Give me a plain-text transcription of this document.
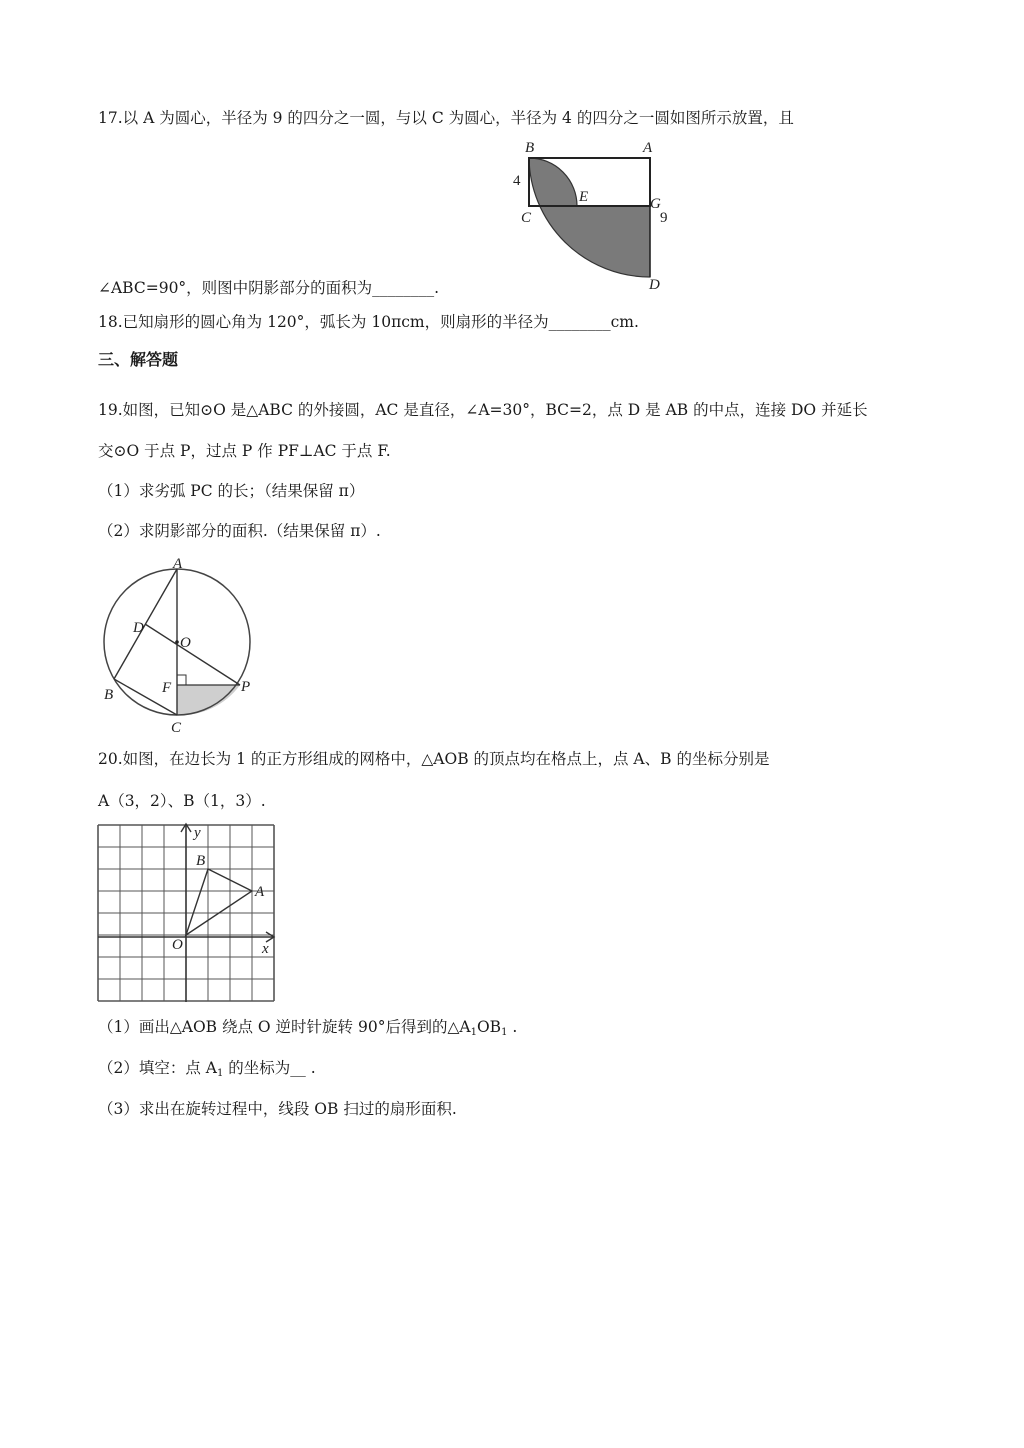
17.以 A 为圆心，半径为 9 的四分之一圆，与以 C 为圆心，半径为 4 的四分之一圆如图所示放置，且
B	A
4
E
C
G
9
D
∠ABC=90°，则图中阴影部分的面积为________.
18.已知扇形的圆心角为 120°，弧长为 10πcm，则扇形的半径为________cm.
三、解答题
19.如图，已知⊙O 是△ABC 的外接圆，AC 是直径，∠A=30°，BC=2，点 D 是 AB 的中点，连接 DO 并延长
交⊙O 于点 P，过点 P 作 PF⊥AC 于点 F.
（1）求劣弧 PC 的长；（结果保留 π）
（2）求阴影部分的面积.（结果保留 π）.
A
D
O
F	P
B
C
20.如图，在边长为 1 的正方形组成的网格中，△AOB 的顶点均在格点上，点 A、B 的坐标分别是
A（3，2）、B（1，3）.
y
x
B
A
O
（1）画出△AOB 绕点 O 逆时针旋转 90°后得到的$\triangle A_1OB_1$ .
（2）填空：点 $A_1$ 的坐标为__ .
（3）求出在旋转过程中，线段 OB 扫过的扇形面积.
